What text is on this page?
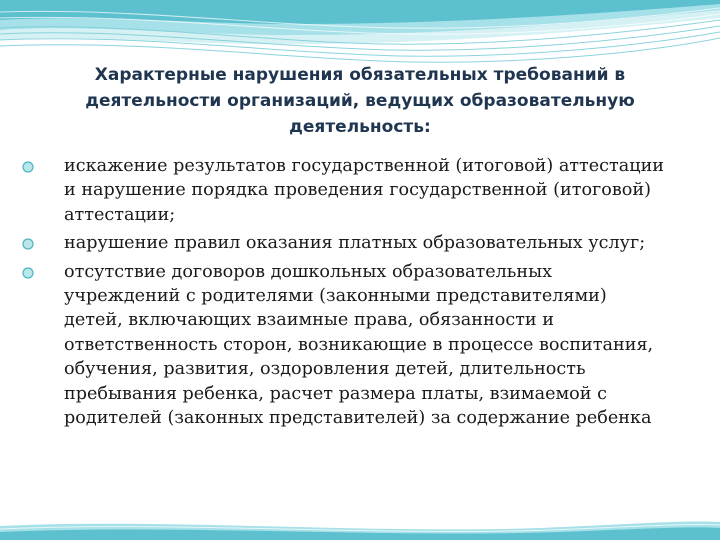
Характерные нарушения обязательных требований в деятельности организаций, ведущих образовательную деятельность:
искажение результатов государственной (итоговой) аттестации и нарушение порядка проведения государственной (итоговой) аттестации;
нарушение правил оказания платных образовательных услуг;
отсутствие договоров дошкольных образовательных учреждений с родителями (законными представителями) детей, включающих взаимные права, обязанности и ответственность сторон, возникающие в процессе воспитания, обучения, развития, оздоровления детей, длительность пребывания ребенка, расчет размера платы, взимаемой с родителей (законных представителей) за содержание ребенка
